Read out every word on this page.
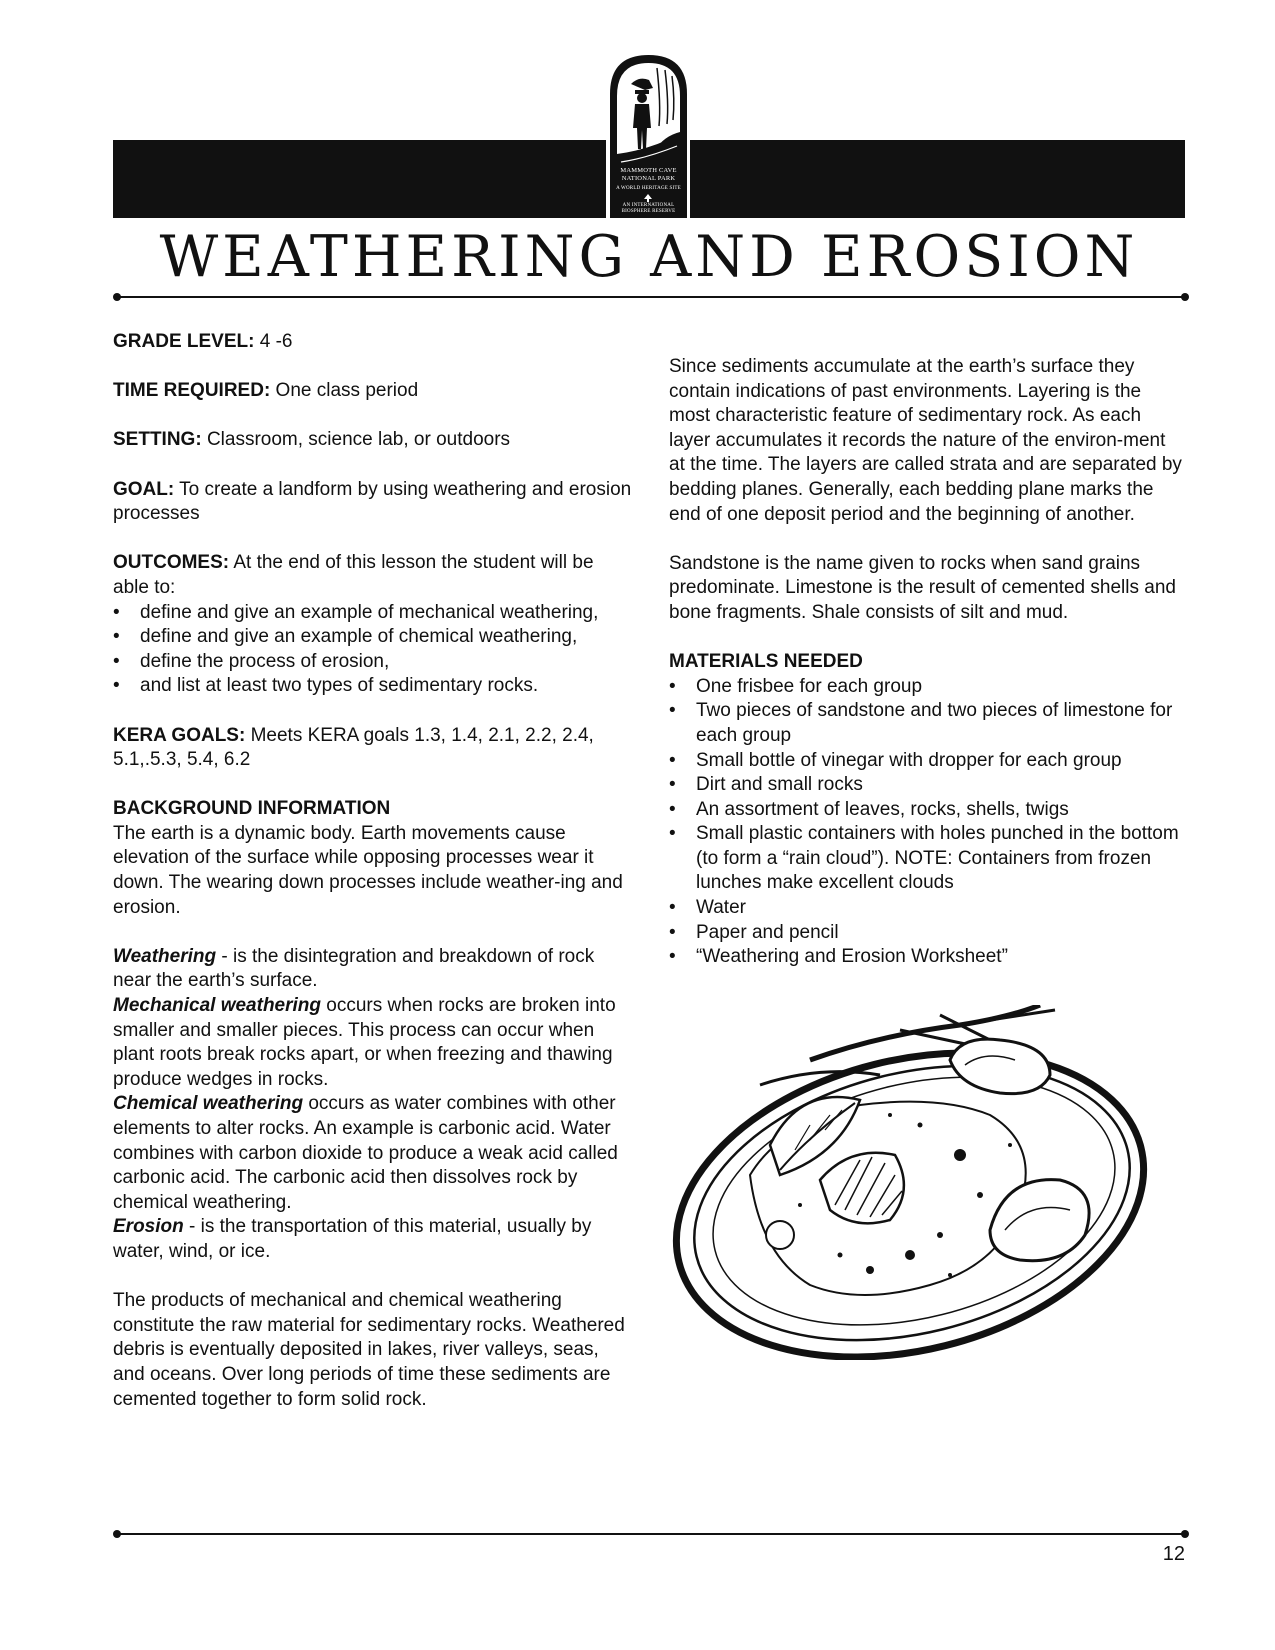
MAMMOTH CAVE
NATIONAL PARK
A WORLD HERITAGE SITE
AN INTERNATIONAL
BIOSPHERE RESERVE
WEATHERING AND EROSION

GRADE LEVEL: 4 -6

TIME REQUIRED: One class period

SETTING: Classroom, science lab, or outdoors

GOAL: To create a landform by using weathering and erosion processes

OUTCOMES: At the end of this lesson the student will be able to:

• define and give an example of mechanical weathering,
• define and give an example of chemical weathering,
• define the process of erosion,
• and list at least two types of sedimentary rocks.

KERA GOALS: Meets KERA goals 1.3, 1.4, 2.1, 2.2, 2.4, 5.1,.5.3, 5.4, 6.2

BACKGROUND INFORMATION

The earth is a dynamic body. Earth movements cause elevation of the surface while opposing processes wear it down. The wearing down processes include weather-ing and erosion.

Weathering - is the disintegration and breakdown of rock near the earth’s surface.

Mechanical weathering occurs when rocks are broken into smaller and smaller pieces. This process can occur when plant roots break rocks apart, or when freezing and thawing produce wedges in rocks.

Chemical weathering occurs as water combines with other elements to alter rocks. An example is carbonic acid. Water combines with carbon dioxide to produce a weak acid called carbonic acid. The carbonic acid then dissolves rock by chemical weathering.

Erosion - is the transportation of this material, usually by water, wind, or ice.

The products of mechanical and chemical weathering constitute the raw material for sedimentary rocks. Weathered debris is eventually deposited in lakes, river valleys, seas, and oceans. Over long periods of time these sediments are cemented together to form solid rock.

Since sediments accumulate at the earth’s surface they contain indications of past environments. Layering is the most characteristic feature of sedimentary rock. As each layer accumulates it records the nature of the environ-ment at the time. The layers are called strata and are separated by bedding planes. Generally, each bedding plane marks the end of one deposit period and the beginning of another.

Sandstone is the name given to rocks when sand grains predominate. Limestone is the result of cemented shells and bone fragments. Shale consists of silt and mud.

MATERIALS NEEDED

• One frisbee for each group
• Two pieces of sandstone and two pieces of limestone for each group
• Small bottle of vinegar with dropper for each group
• Dirt and small rocks
• An assortment of leaves, rocks, shells, twigs
• Small plastic containers with holes punched in the bottom (to form a “rain cloud”). NOTE: Containers from frozen lunches make excellent clouds
• Water
• Paper and pencil
• “Weathering and Erosion Worksheet”
12
